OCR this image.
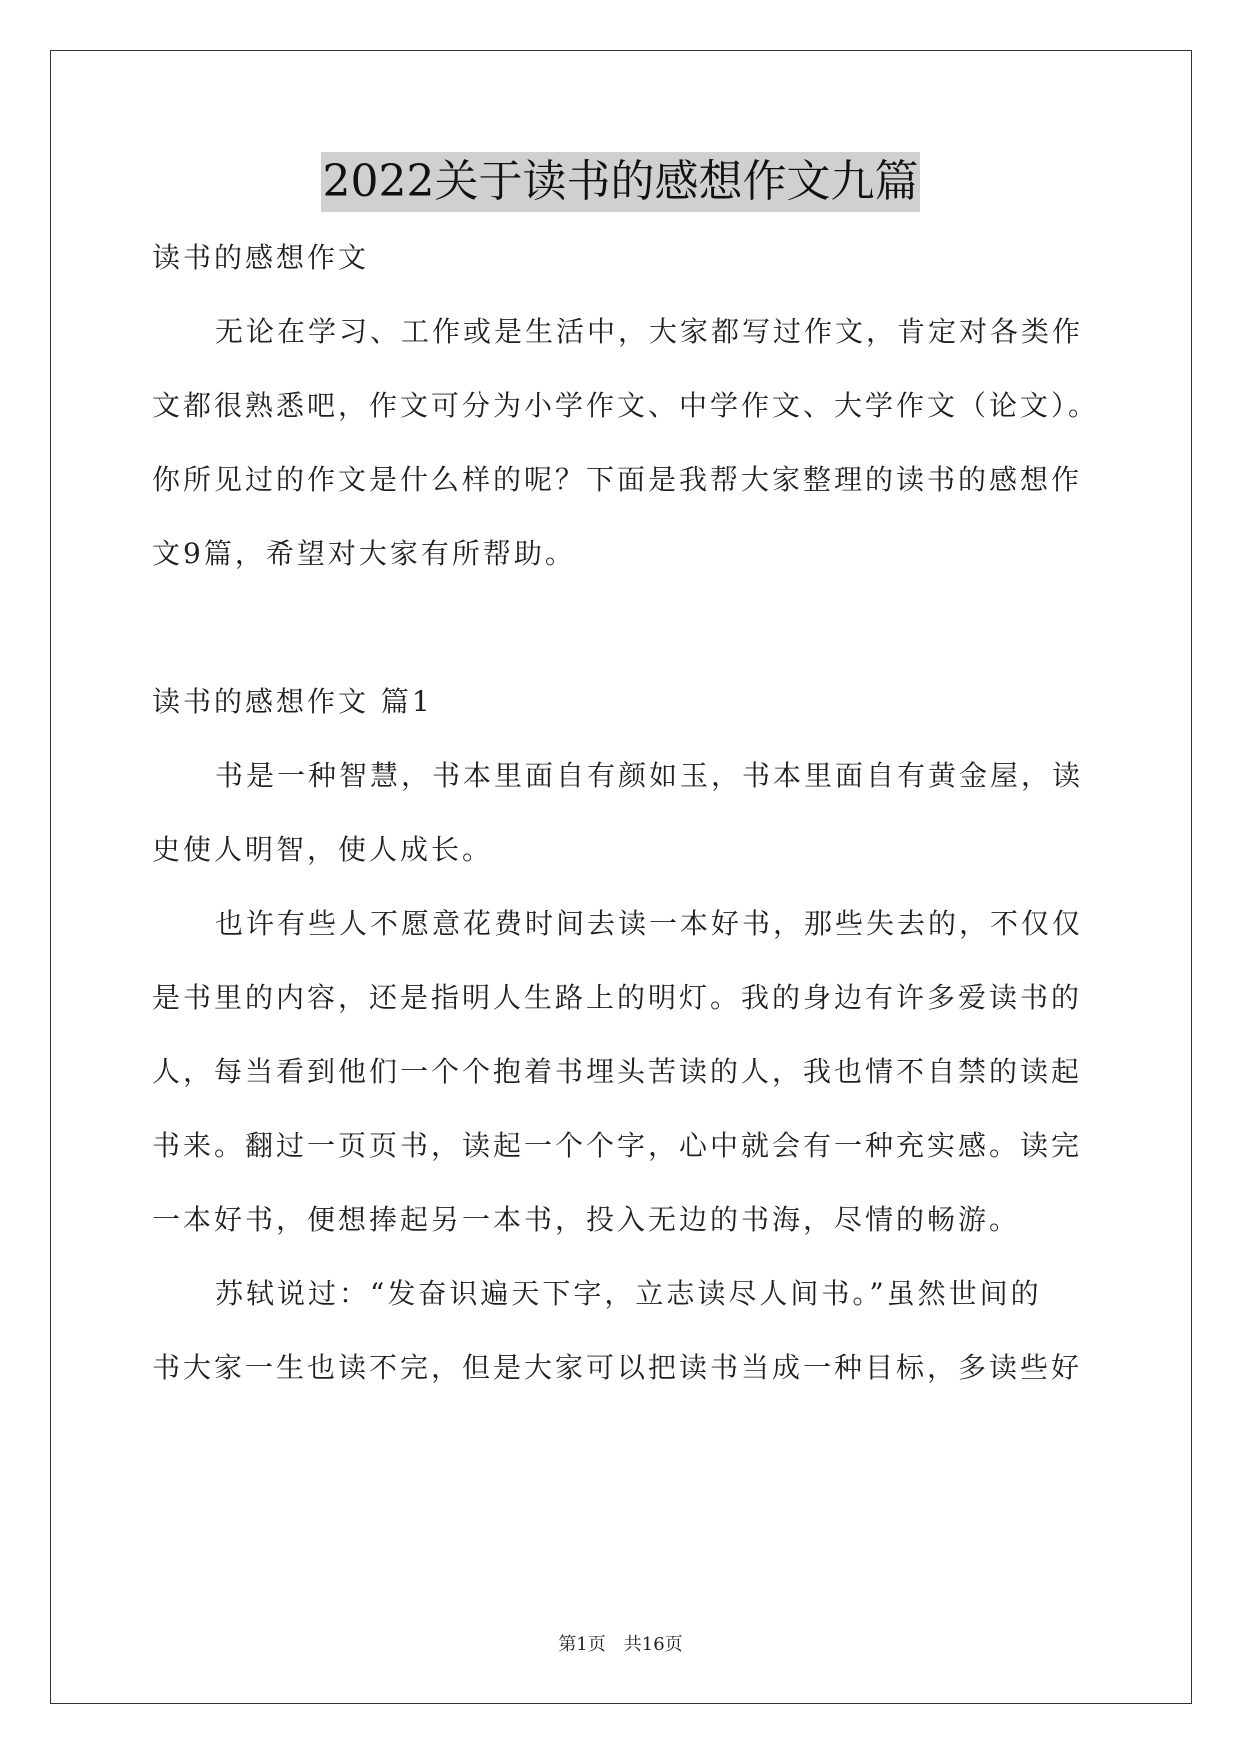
2022关于读书的感想作文九篇
读书的感想作文
无论在学习、工作或是生活中，大家都写过作文，肯定对各类作
文都很熟悉吧，作文可分为小学作文、中学作文、大学作文（论文）。
你所见过的作文是什么样的呢？下面是我帮大家整理的读书的感想作
文9篇，希望对大家有所帮助。
读书的感想作文 篇1
书是一种智慧，书本里面自有颜如玉，书本里面自有黄金屋，读
史使人明智，使人成长。
也许有些人不愿意花费时间去读一本好书，那些失去的，不仅仅
是书里的内容，还是指明人生路上的明灯。我的身边有许多爱读书的
人，每当看到他们一个个抱着书埋头苦读的人，我也情不自禁的读起
书来。翻过一页页书，读起一个个字，心中就会有一种充实感。读完
一本好书，便想捧起另一本书，投入无边的书海，尽情的畅游。
苏轼说过：“发奋识遍天下字，立志读尽人间书。”虽然世间的
书大家一生也读不完，但是大家可以把读书当成一种目标，多读些好
第1页　共16页
